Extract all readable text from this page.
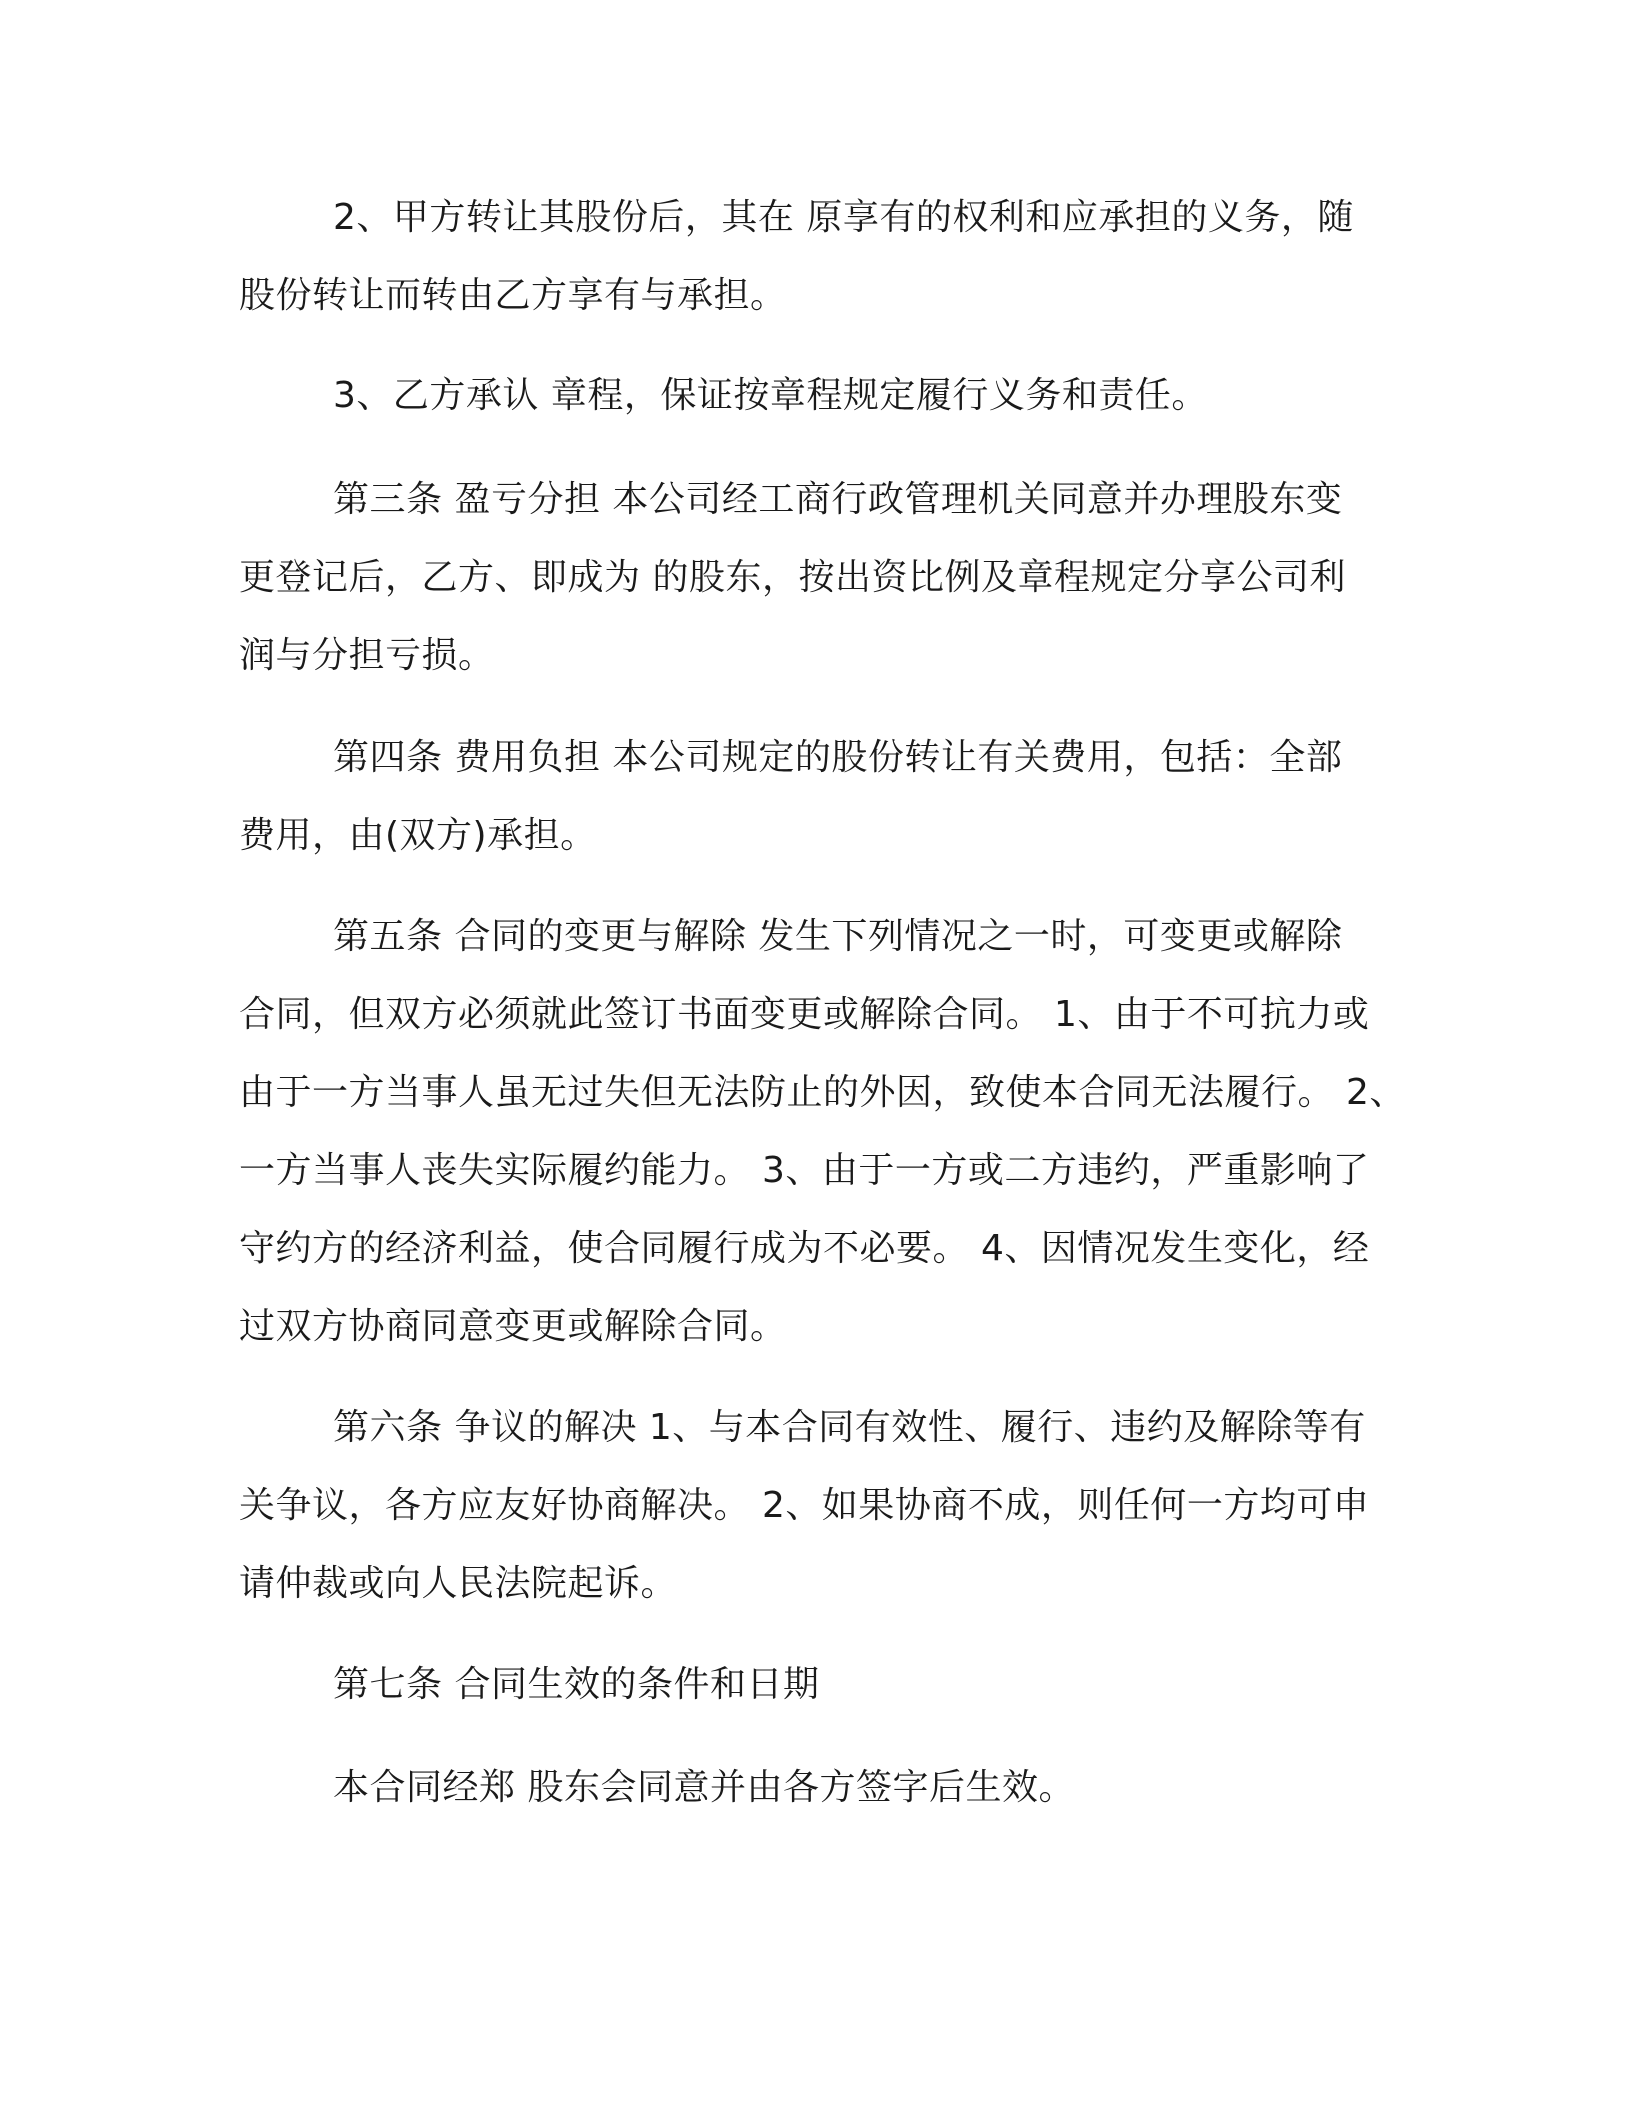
2、甲方转让其股份后，其在 原享有的权利和应承担的义务，随
股份转让而转由乙方享有与承担。
3、乙方承认 章程，保证按章程规定履行义务和责任。
第三条 盈亏分担 本公司经工商行政管理机关同意并办理股东变
更登记后，乙方、即成为 的股东，按出资比例及章程规定分享公司利
润与分担亏损。
第四条 费用负担 本公司规定的股份转让有关费用，包括：全部
费用，由(双方)承担。
第五条 合同的变更与解除 发生下列情况之一时，可变更或解除
合同，但双方必须就此签订书面变更或解除合同。 1、由于不可抗力或
由于一方当事人虽无过失但无法防止的外因，致使本合同无法履行。 2、
一方当事人丧失实际履约能力。 3、由于一方或二方违约，严重影响了
守约方的经济利益，使合同履行成为不必要。 4、因情况发生变化，经
过双方协商同意变更或解除合同。
第六条 争议的解决 1、与本合同有效性、履行、违约及解除等有
关争议，各方应友好协商解决。 2、如果协商不成，则任何一方均可申
请仲裁或向人民法院起诉。
第七条 合同生效的条件和日期
本合同经郑 股东会同意并由各方签字后生效。
